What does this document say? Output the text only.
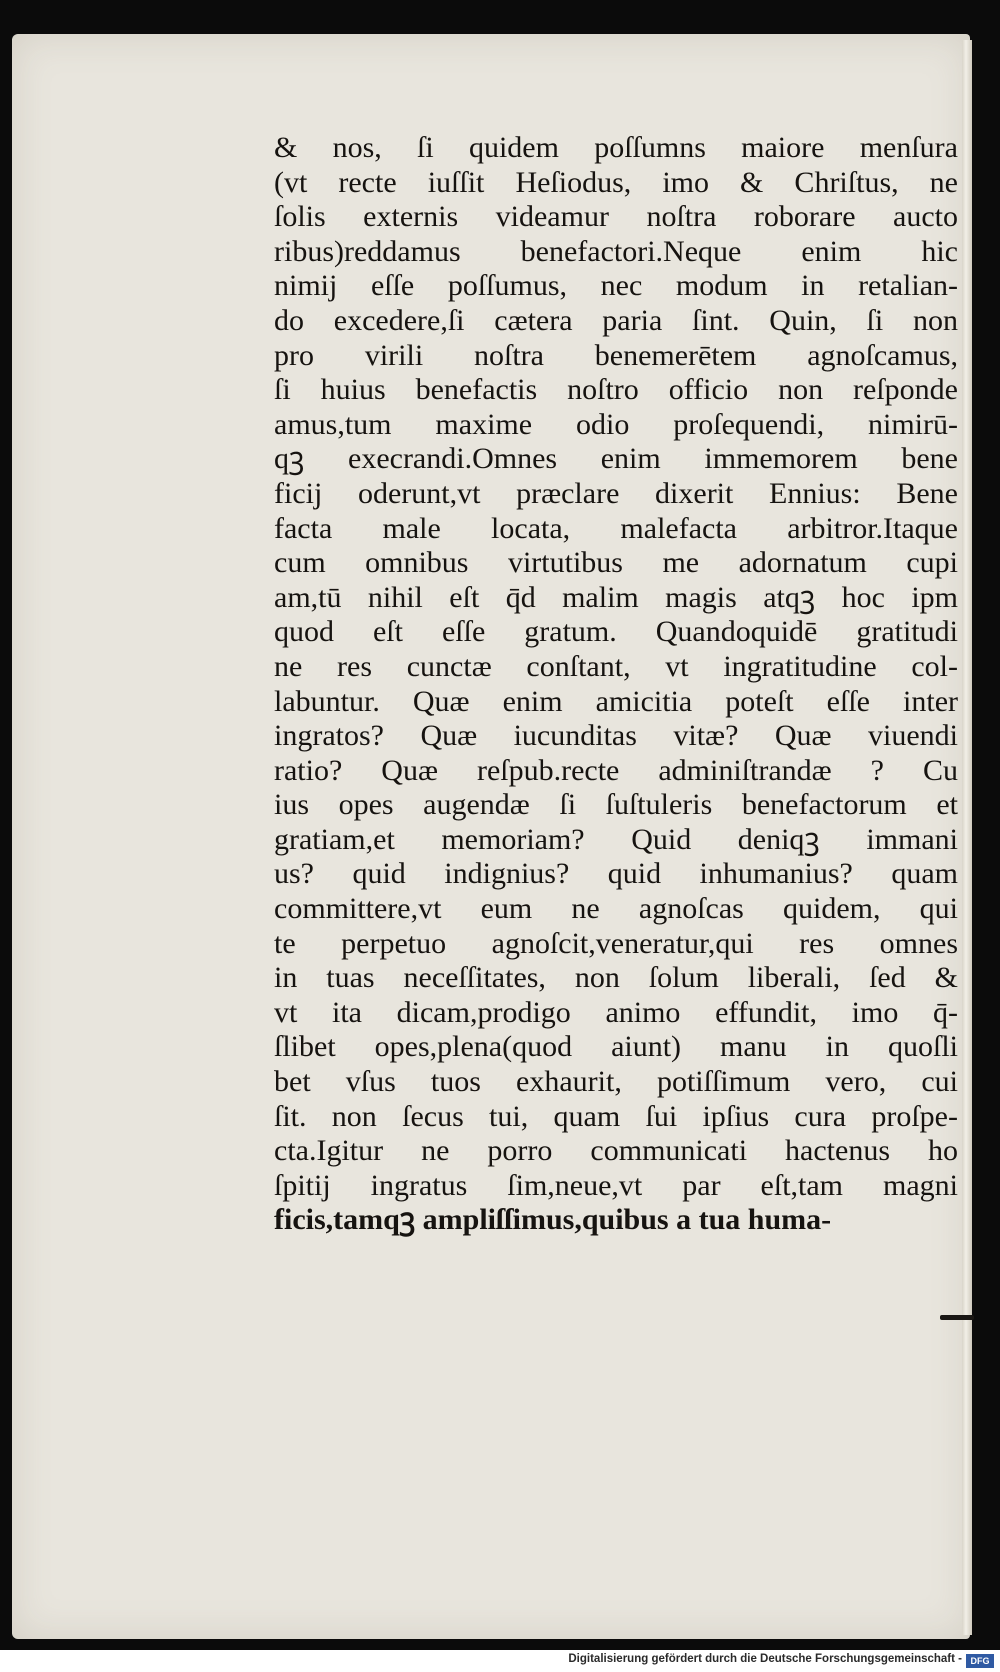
& nos, ſi quidem poſſumns maiore menſura
(vt recte iuſſit Heſiodus, imo & Chriſtus, ne
ſolis externis videamur noſtra roborare aucto
ribus)reddamus benefactori.Neque enim hic
nimij eſſe poſſumus, nec modum in retalian-
do excedere,ſi cætera paria ſint. Quin, ſi non
pro virili noſtra benemerētem agnoſcamus,
ſi huius benefactis noſtro officio non reſponde
amus,tum maxime odio proſequendi, nimirū-
qꝫ execrandi.Omnes enim immemorem bene
ficij oderunt,vt præclare dixerit Ennius: Bene
facta male locata, malefacta arbitror.Itaque
cum omnibus virtutibus me adornatum cupi
am,tū nihil eſt q̄d malim magis atqꝫ hoc ipm
quod eſt eſſe gratum. Quandoquidē gratitudi
ne res cunctæ conſtant, vt ingratitudine col-
labuntur. Quæ enim amicitia poteſt eſſe inter
ingratos? Quæ iucunditas vitæ? Quæ viuendi
ratio? Quæ reſpub.recte adminiſtrandæ ? Cu
ius opes augendæ ſi ſuſtuleris benefactorum et
gratiam,et memoriam? Quid deniqꝫ immani
us? quid indignius? quid inhumanius? quam
committere,vt eum ne agnoſcas quidem, qui
te perpetuo agnoſcit,veneratur,qui res omnes
in tuas neceſſitates, non ſolum liberali, ſed &
vt ita dicam,prodigo animo effundit, imo q̄-
ſlibet opes,plena(quod aiunt) manu in quoſli
bet vſus tuos exhaurit, potiſſimum vero, cui
ſit. non ſecus tui, quam ſui ipſius cura proſpe-
cta.Igitur ne porro communicati hactenus ho
ſpitij ingratus ſim,neue,vt par eſt,tam magni
ficis,tamqꝫ ampliſſimus,quibus a tua huma-
Digitalisierung gefördert durch die Deutsche Forschungsgemeinschaft - DFG
